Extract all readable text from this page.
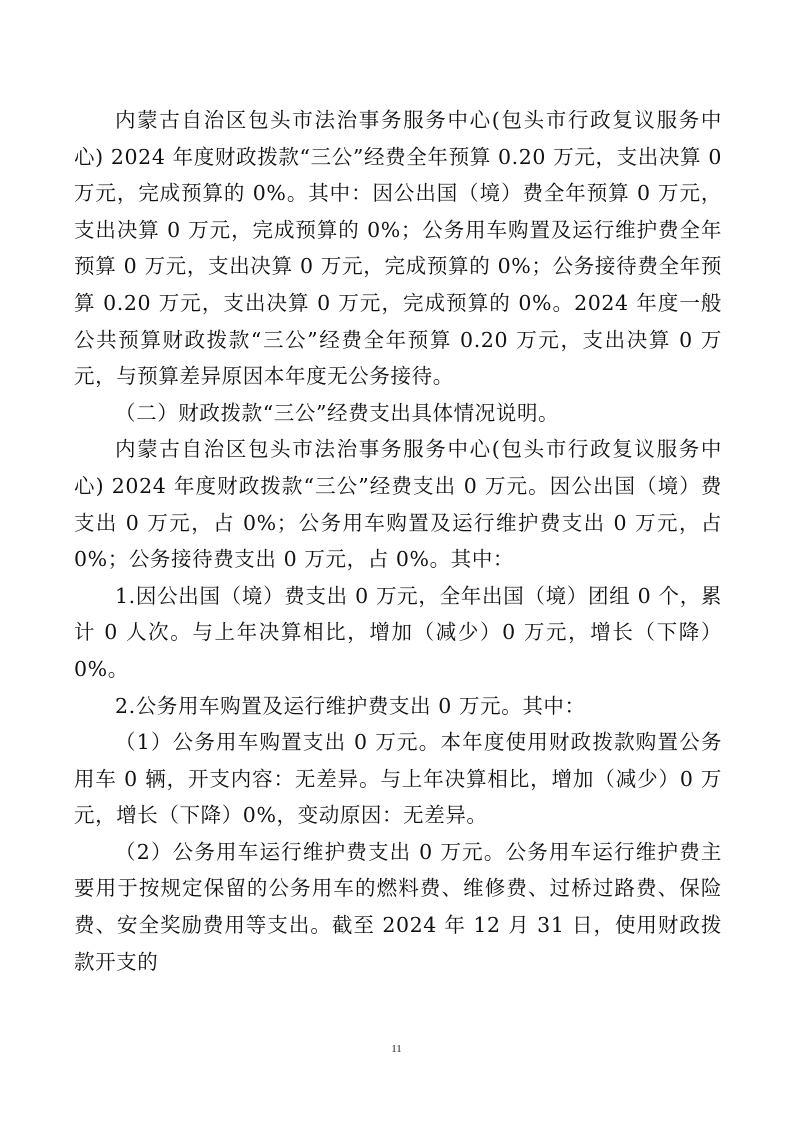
内蒙古自治区包头市法治事务服务中心(包头市行政复议服务中心) 2024 年度财政拨款“三公”经费全年预算 0.20 万元，支出决算 0 万元，完成预算的 0%。其中：因公出国（境）费全年预算 0 万元，支出决算 0 万元，完成预算的 0%；公务用车购置及运行维护费全年预算 0 万元，支出决算 0 万元，完成预算的 0%；公务接待费全年预算 0.20 万元，支出决算 0 万元，完成预算的 0%。2024 年度一般公共预算财政拨款“三公”经费全年预算 0.20 万元，支出决算 0 万元，与预算差异原因本年度无公务接待。

（二）财政拨款“三公”经费支出具体情况说明。

内蒙古自治区包头市法治事务服务中心(包头市行政复议服务中心) 2024 年度财政拨款“三公”经费支出 0 万元。因公出国（境）费支出 0 万元，占 0%；公务用车购置及运行维护费支出 0 万元，占 0%；公务接待费支出 0 万元，占 0%。其中：

1.因公出国（境）费支出 0 万元，全年出国（境）团组 0 个，累计 0 人次。与上年决算相比，增加（减少）0 万元，增长（下降）0%。

2.公务用车购置及运行维护费支出 0 万元。其中：

（1）公务用车购置支出 0 万元。本年度使用财政拨款购置公务用车 0 辆，开支内容：无差异。与上年决算相比，增加（减少）0 万元，增长（下降）0%，变动原因：无差异。

（2）公务用车运行维护费支出 0 万元。公务用车运行维护费主要用于按规定保留的公务用车的燃料费、维修费、过桥过路费、保险费、安全奖励费用等支出。截至 2024 年 12 月 31 日，使用财政拨款开支的

11
